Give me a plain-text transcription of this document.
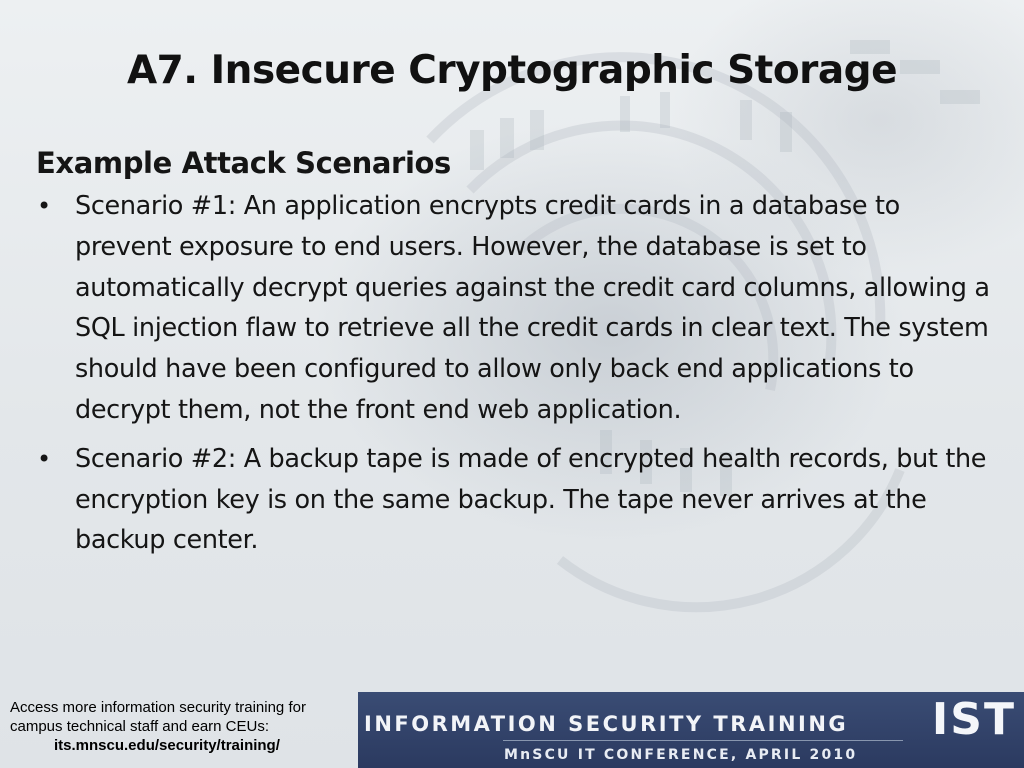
A7. Insecure Cryptographic Storage
Example Attack Scenarios
• Scenario #1: An application encrypts credit cards in a database to prevent exposure to end users. However, the database is set to automatically decrypt queries against the credit card columns, allowing a SQL injection flaw to retrieve all the credit cards in clear text. The system should have been configured to allow only back end applications to decrypt them, not the front end web application.
• Scenario #2: A backup tape is made of encrypted health records, but the encryption key is on the same backup. The tape never arrives at the backup center.
Access more information security training for
campus technical staff and earn CEUs:
its.mnscu.edu/security/training/
INFORMATION SECURITY TRAINING
MnSCU IT CONFERENCE, APRIL 2010
IST
